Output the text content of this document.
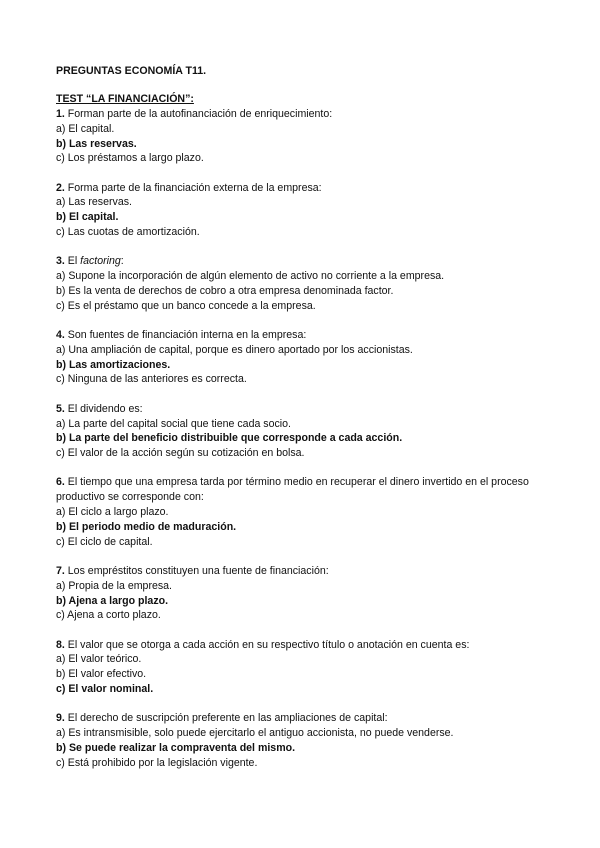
PREGUNTAS ECONOMÍA T11.
TEST “LA FINANCIACIÓN”:

1. Forman parte de la autofinanciación de enriquecimiento:

a) El capital.

b) Las reservas.

c) Los préstamos a largo plazo.

2. Forma parte de la financiación externa de la empresa:

a) Las reservas.

b) El capital.

c) Las cuotas de amortización.

3. El factoring:

a) Supone la incorporación de algún elemento de activo no corriente a la empresa.

b) Es la venta de derechos de cobro a otra empresa denominada factor.

c) Es el préstamo que un banco concede a la empresa.

4. Son fuentes de financiación interna en la empresa:

a) Una ampliación de capital, porque es dinero aportado por los accionistas.

b) Las amortizaciones.

c) Ninguna de las anteriores es correcta.

5. El dividendo es:

a) La parte del capital social que tiene cada socio.

b) La parte del beneficio distribuible que corresponde a cada acción.

c) El valor de la acción según su cotización en bolsa.

6. El tiempo que una empresa tarda por término medio en recuperar el dinero invertido en el proceso productivo se corresponde con:

a) El ciclo a largo plazo.

b) El periodo medio de maduración.

c) El ciclo de capital.

7. Los empréstitos constituyen una fuente de financiación:

a) Propia de la empresa.

b) Ajena a largo plazo.

c) Ajena a corto plazo.

8. El valor que se otorga a cada acción en su respectivo título o anotación en cuenta es:

a) El valor teórico.

b) El valor efectivo.

c) El valor nominal.

9. El derecho de suscripción preferente en las ampliaciones de capital:

a) Es intransmisible, solo puede ejercitarlo el antiguo accionista, no puede venderse.

b) Se puede realizar la compraventa del mismo.

c) Está prohibido por la legislación vigente.
